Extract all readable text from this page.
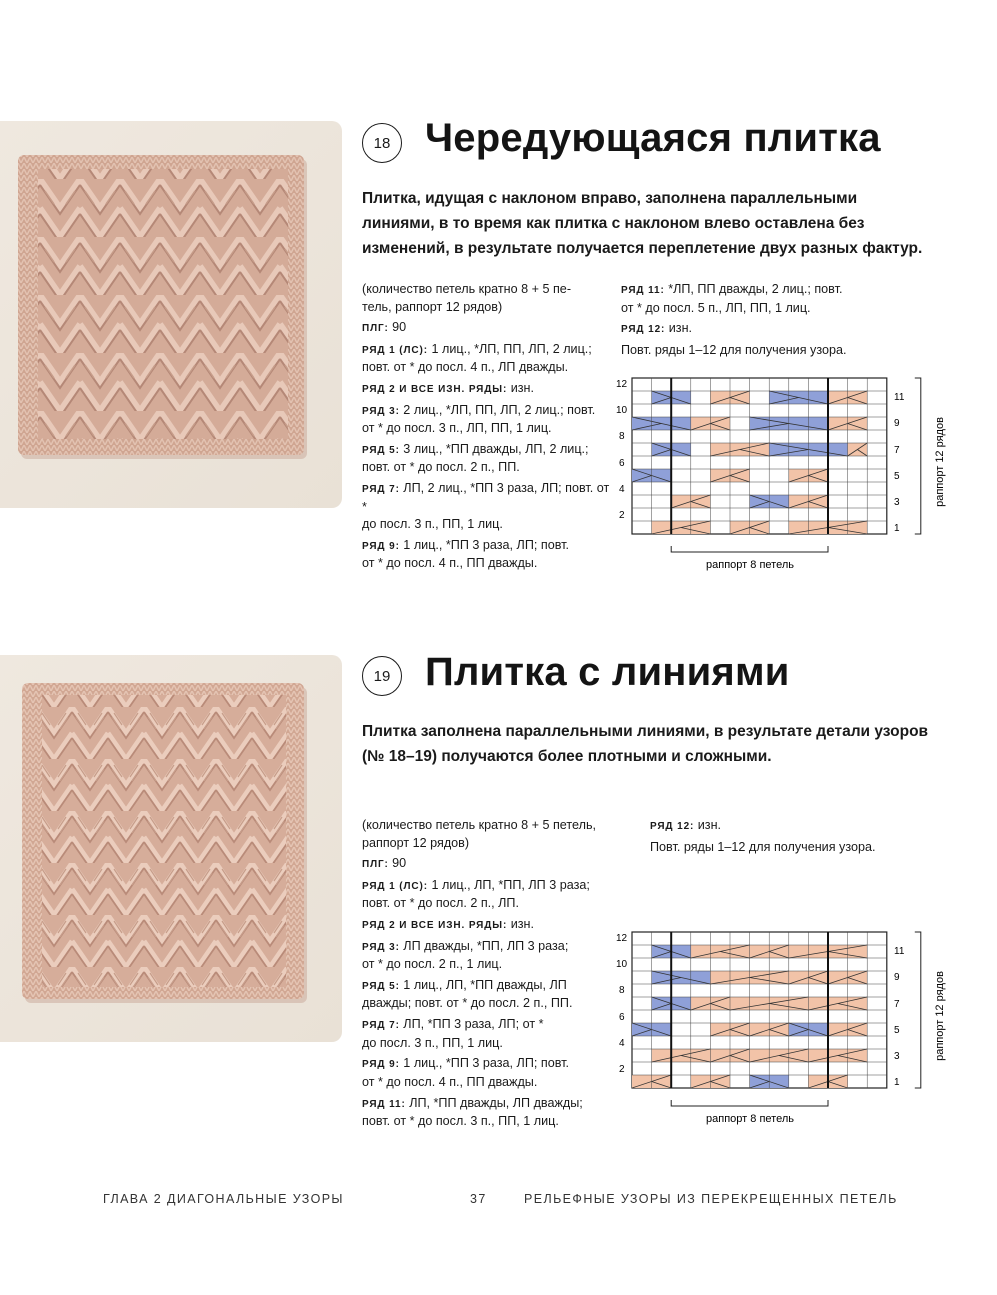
18 Чередующаяся плитка
Плитка, идущая с наклоном вправо, заполнена параллельными
линиями, в то время как плитка с наклоном влево оставлена без
изменений, в результате получается переплетение двух разных фактур.

(количество петель кратно 8 + 5 пе-
тель, раппорт 12 рядов)

ПЛГ: 90

РЯД 1 (ЛС): 1 лиц., *ЛП, ПП, ЛП, 2 лиц.;
повт. от * до посл. 4 п., ЛП дважды.

РЯД 2 И ВСЕ ИЗН. РЯДЫ: изн.

РЯД 3: 2 лиц., *ЛП, ПП, ЛП, 2 лиц.; повт.
от * до посл. 3 п., ЛП, ПП, 1 лиц.

РЯД 5: 3 лиц., *ПП дважды, ЛП, 2 лиц.;
повт. от * до посл. 2 п., ПП.

РЯД 7: ЛП, 2 лиц., *ПП 3 раза, ЛП; повт. от *
до посл. 3 п., ПП, 1 лиц.

РЯД 9: 1 лиц., *ПП 3 раза, ЛП; повт.
от * до посл. 4 п., ПП дважды.

РЯД 11: *ЛП, ПП дважды, 2 лиц.; повт.
от * до посл. 5 п., ЛП, ПП, 1 лиц.

РЯД 12: изн.

Повт. ряды 1–12 для получения узора.

12
10
8
6
4
2
11
9
7
5
3
1
раппорт 8 петель
раппорт 12 рядов
19 Плитка с линиями
Плитка заполнена параллельными линиями, в результате детали узоров
(№ 18–19) получаются более плотными и сложными.

(количество петель кратно 8 + 5 петель,
раппорт 12 рядов)

ПЛГ: 90

РЯД 1 (ЛС): 1 лиц., ЛП, *ПП, ЛП 3 раза;
повт. от * до посл. 2 п., ЛП.

РЯД 2 И ВСЕ ИЗН. РЯДЫ: изн.

РЯД 3: ЛП дважды, *ПП, ЛП 3 раза;
от * до посл. 2 п., 1 лиц.

РЯД 5: 1 лиц., ЛП, *ПП дважды, ЛП
дважды; повт. от * до посл. 2 п., ПП.

РЯД 7: ЛП, *ПП 3 раза, ЛП; от *
до посл. 3 п., ПП, 1 лиц.

РЯД 9: 1 лиц., *ПП 3 раза, ЛП; повт.
от * до посл. 4 п., ПП дважды.

РЯД 11: ЛП, *ПП дважды, ЛП дважды;
повт. от * до посл. 3 п., ПП, 1 лиц.

РЯД 12: изн.

Повт. ряды 1–12 для получения узора.

12
10
8
6
4
2
11
9
7
5
3
1
раппорт 8 петель
раппорт 12 рядов
ГЛАВА 2 ДИАГОНАЛЬНЫЕ УЗОРЫ	37	РЕЛЬЕФНЫЕ УЗОРЫ ИЗ ПЕРЕКРЕЩЕННЫХ ПЕТЕЛЬ
